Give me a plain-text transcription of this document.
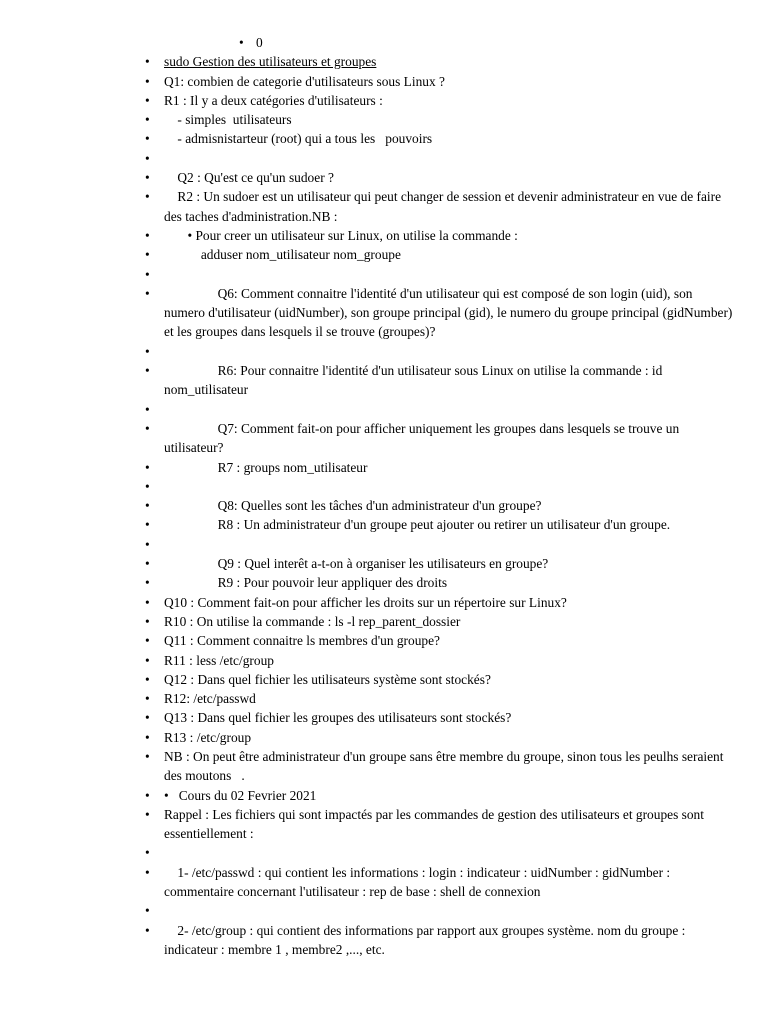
• 0
• sudo Gestion des utilisateurs et groupes
• Q1: combien de categorie d'utilisateurs sous Linux ?
• R1 : Il y a deux catégories d'utilisateurs :
• - simples  utilisateurs
• - admisnistarteur (root) qui a tous les   pouvoirs
•
• Q2 : Qu'est ce qu'un sudoer ?
• R2 : Un sudoer est un utilisateur qui peut changer de session et devenir administrateur en vue de faire des taches d'administration.NB :
• • Pour creer un utilisateur sur Linux, on utilise la commande :
• adduser nom_utilisateur nom_groupe
•
• Q6: Comment connaitre l'identité d'un utilisateur qui est composé de son login (uid), son numero d'utilisateur (uidNumber), son groupe principal (gid), le numero du groupe principal (gidNumber) et les groupes dans lesquels il se trouve (groupes)?
•
• R6: Pour connaitre l'identité d'un utilisateur sous Linux on utilise la commande : id nom_utilisateur
•
• Q7: Comment fait-on pour afficher uniquement les groupes dans lesquels se trouve un utilisateur?
• R7 : groups nom_utilisateur
•
• Q8: Quelles sont les tâches d'un administrateur d'un groupe?
• R8 : Un administrateur d'un groupe peut ajouter ou retirer un utilisateur d'un groupe.
•
• Q9 : Quel interêt a-t-on à organiser les utilisateurs en groupe?
• R9 : Pour pouvoir leur appliquer des droits
• Q10 : Comment fait-on pour afficher les droits sur un répertoire sur Linux?
• R10 : On utilise la commande : ls -l rep_parent_dossier
• Q11 : Comment connaitre ls membres d'un groupe?
• R11 : less /etc/group
• Q12 : Dans quel fichier les utilisateurs système sont stockés?
• R12: /etc/passwd
• Q13 : Dans quel fichier les groupes des utilisateurs sont stockés?
• R13 : /etc/group
• NB : On peut être administrateur d'un groupe sans être membre du groupe, sinon tous les peulhs seraient des moutons   .
• •   Cours du 02 Fevrier 2021
• Rappel : Les fichiers qui sont impactés par les commandes de gestion des utilisateurs et groupes sont essentiellement :
•
• 1- /etc/passwd : qui contient les informations : login : indicateur : uidNumber : gidNumber : commentaire concernant l'utilisateur : rep de base : shell de connexion
•
• 2- /etc/group : qui contient des informations par rapport aux groupes système. nom du groupe : indicateur : membre 1 , membre2 ,..., etc.
